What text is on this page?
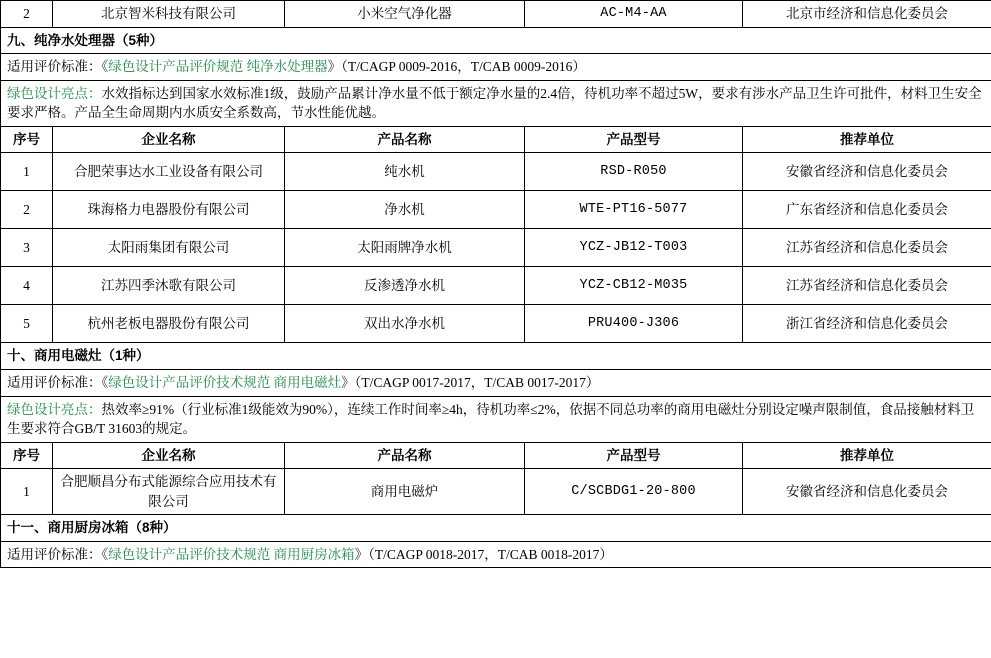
2	北京智米科技有限公司	小米空气净化器	AC-M4-AA	北京市经济和信息化委员会
九、纯净水处理器（5种）				
适用评价标准：《绿色设计产品评价规范 纯净水处理器》（T/CAGP 0009-2016，T/CAB 0009-2016）				
绿色设计亮点：水效指标达到国家水效标准1级，鼓励产品累计净水量不低于额定净水量的2.4倍，待机功率不超过5W，要求有涉水产品卫生许可批件，材料卫生安全要求严格。产品全生命周期内水质安全系数高，节水性能优越。				
序号	企业名称	产品名称	产品型号	推荐单位
1	合肥荣事达水工业设备有限公司	纯水机	RSD-R050	安徽省经济和信息化委员会
2	珠海格力电器股份有限公司	净水机	WTE-PT16-5077	广东省经济和信息化委员会
3	太阳雨集团有限公司	太阳雨牌净水机	YCZ-JB12-T003	江苏省经济和信息化委员会
4	江苏四季沐歌有限公司	反渗透净水机	YCZ-CB12-M035	江苏省经济和信息化委员会
5	杭州老板电器股份有限公司	双出水净水机	PRU400-J306	浙江省经济和信息化委员会
十、商用电磁灶（1种）				
适用评价标准：《绿色设计产品评价技术规范 商用电磁灶》（T/CAGP 0017-2017，T/CAB 0017-2017）				
绿色设计亮点：热效率≥91%（行业标准1级能效为90%），连续工作时间率≥4h，待机功率≤2%，依据不同总功率的商用电磁灶分别设定噪声限制值，食品接触材料卫生要求符合GB/T 31603的规定。				
序号	企业名称	产品名称	产品型号	推荐单位
1	合肥顺昌分布式能源综合应用技术有限公司	商用电磁炉	C/SCBDG1-20-800	安徽省经济和信息化委员会
十一、商用厨房冰箱（8种）				
适用评价标准：《绿色设计产品评价技术规范 商用厨房冰箱》（T/CAGP 0018-2017，T/CAB 0018-2017）				
